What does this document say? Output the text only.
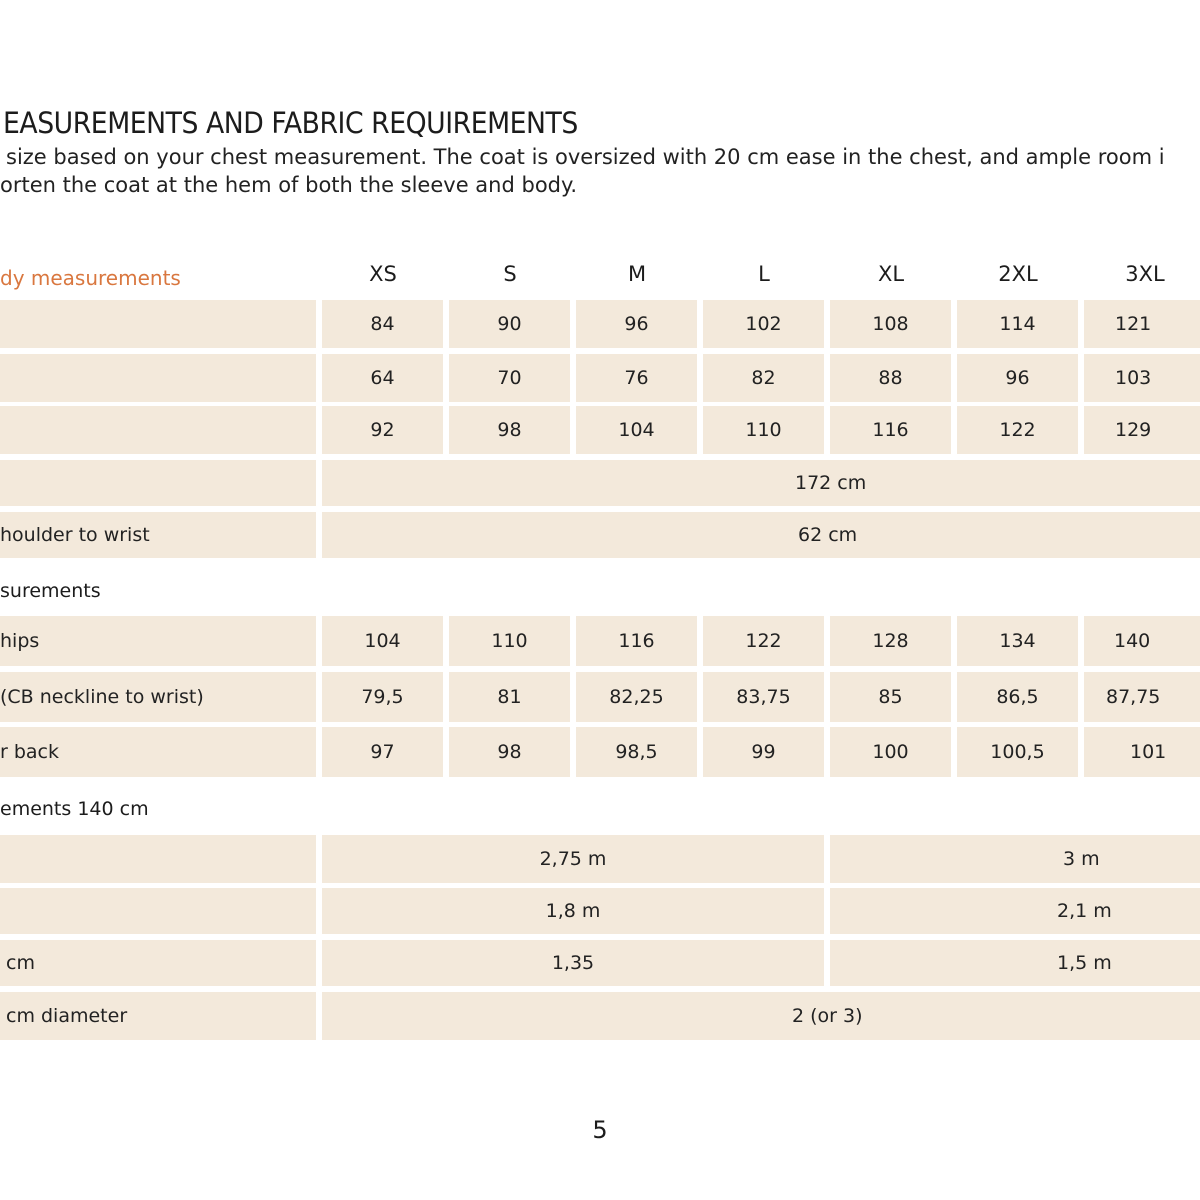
EASUREMENTS AND FABRIC REQUIREMENTS
size based on your chest measurement. The coat is oversized with 20 cm ease in the chest, and ample room i
orten the coat at the hem of both the sleeve and body.
dy measurements	XS	S	M	L	XL	2XL	3XL
84	90	96	102	108	114	121
64	70	76	82	88	96	103
92	98	104	110	116	122	129
172 cm
houlder to wrist	62 cm
surements
hips	104	110	116	122	128	134	140
(CB neckline to wrist)	79,5	81	82,25	83,75	85	86,5	87,75
r back	97	98	98,5	99	100	100,5	101
ements 140 cm
2,75 m	3 m
1,8 m	2,1 m
cm	1,35	1,5 m
cm diameter	2 (or 3)
5
